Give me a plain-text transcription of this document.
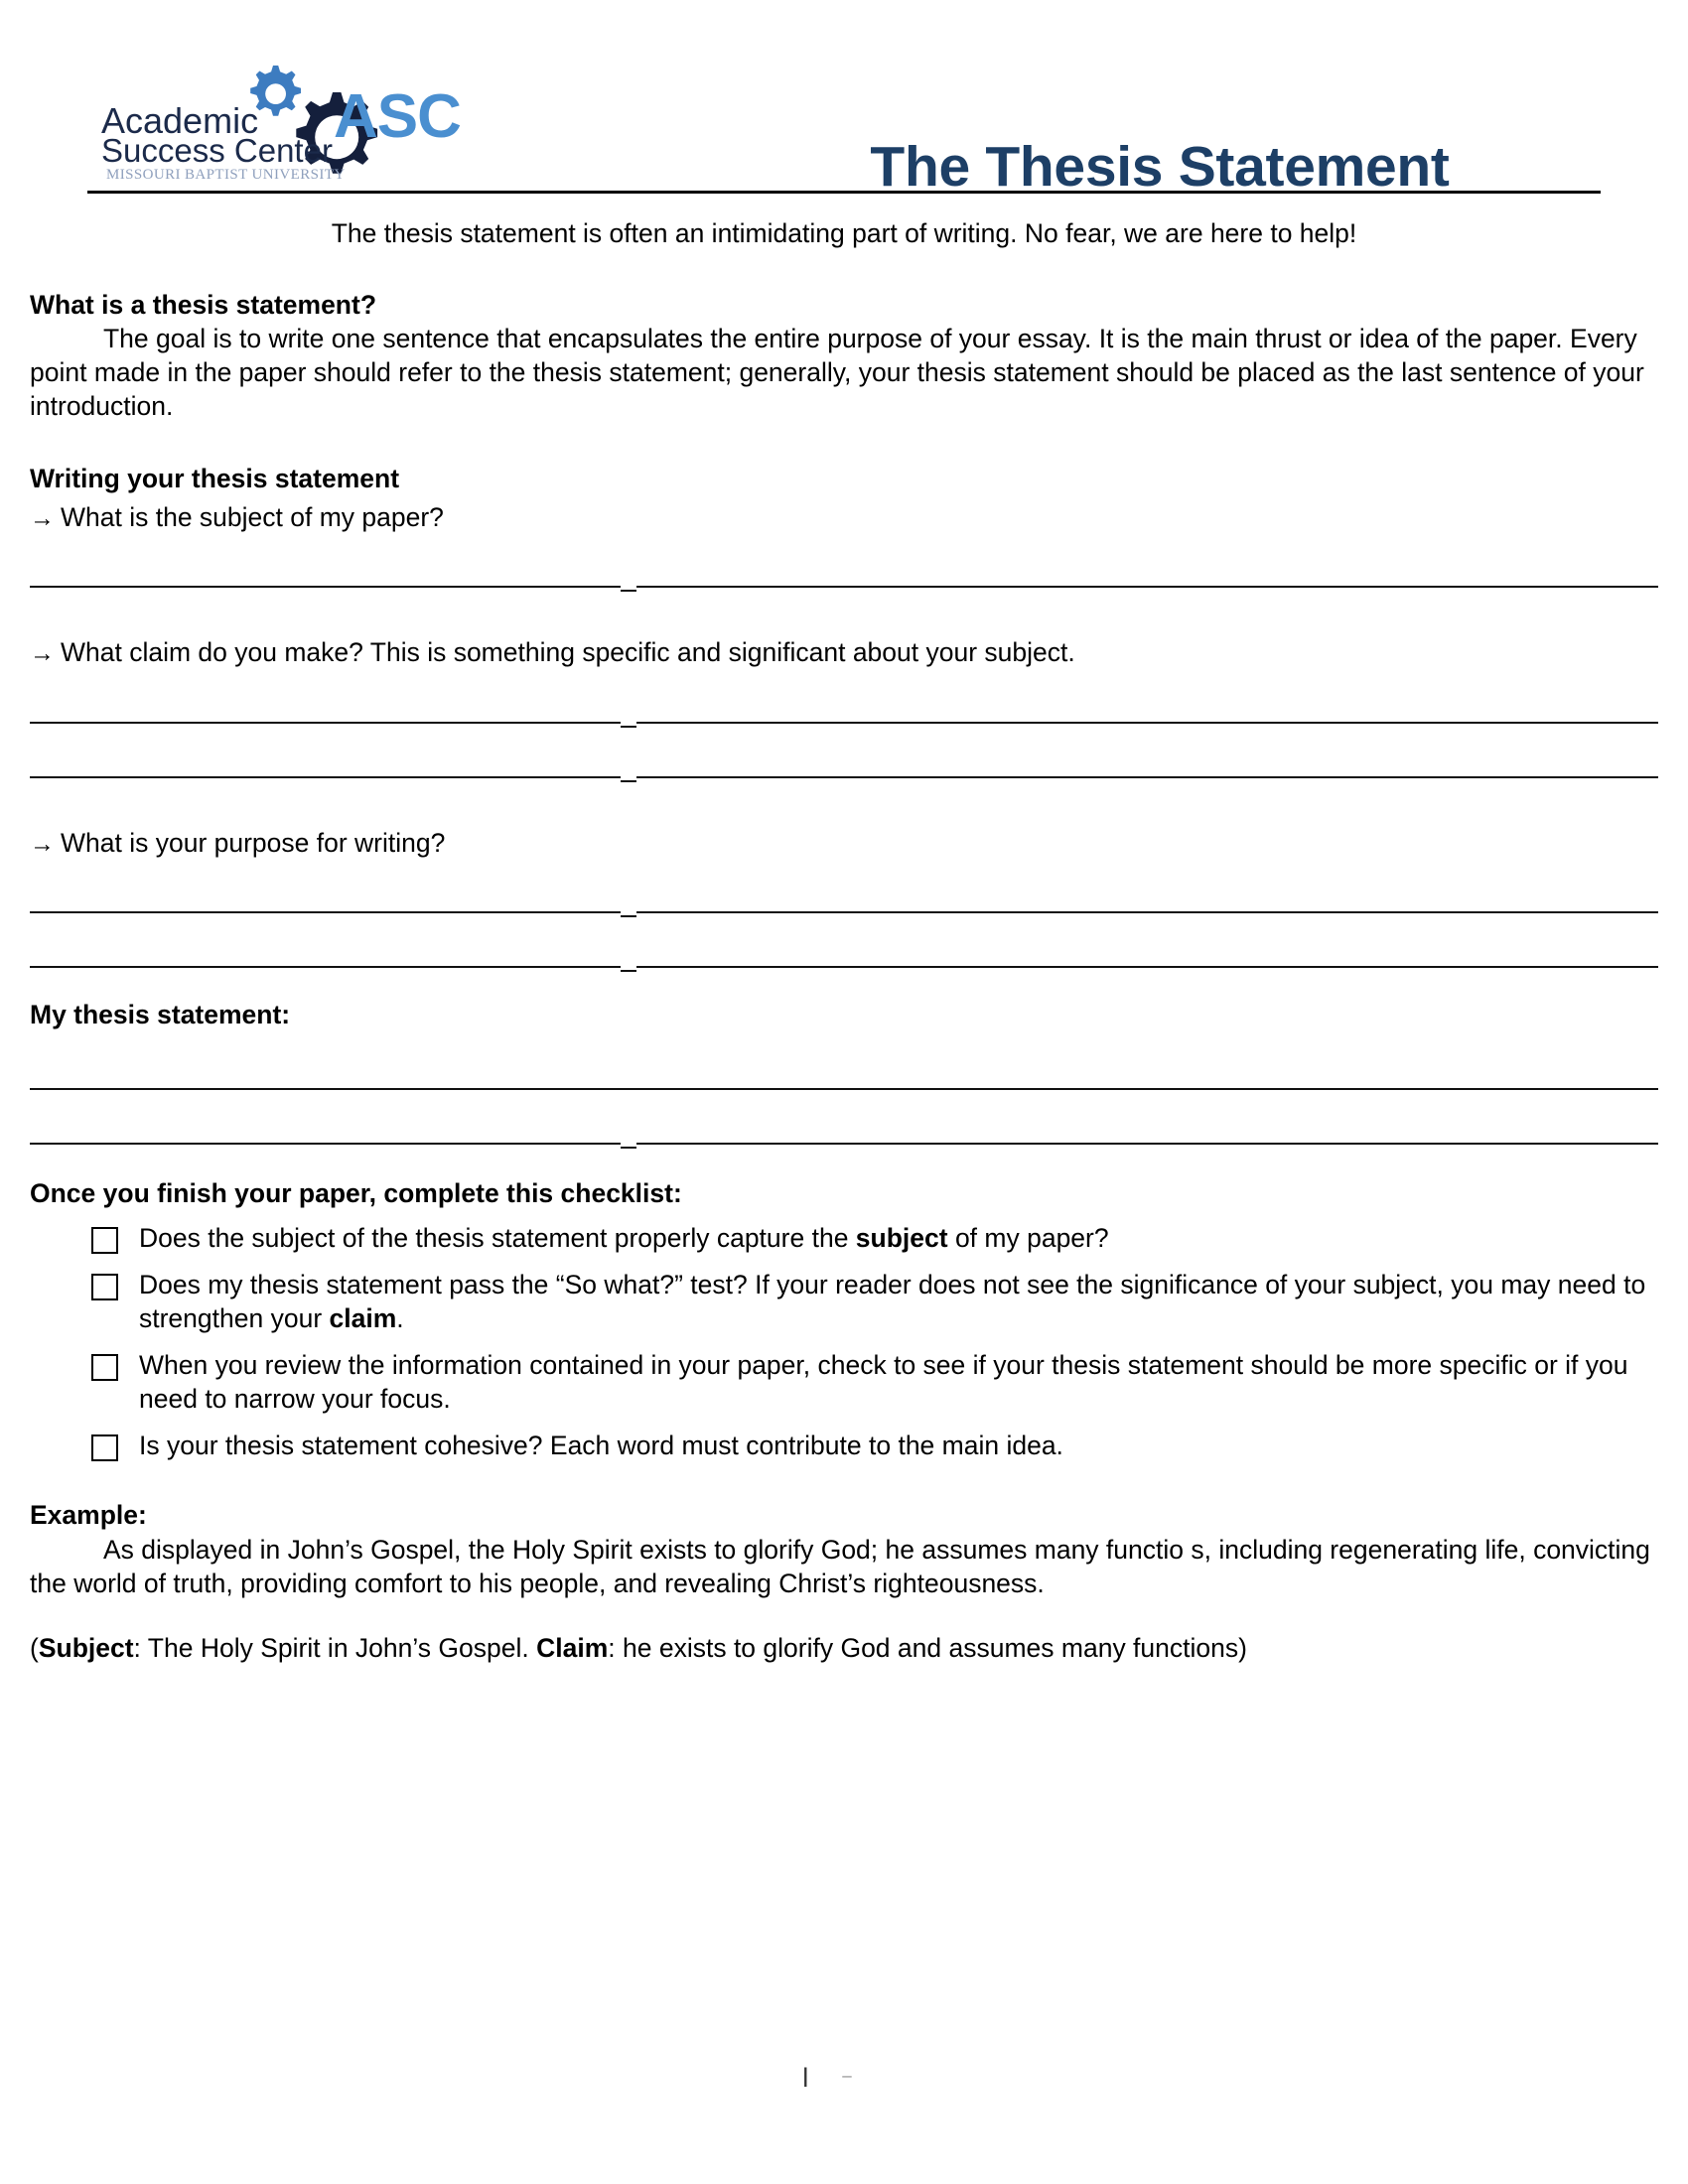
ASC
Academic
Success Center
MISSOURI BAPTIST UNIVERSITY	The Thesis Statement
The thesis statement is often an intimidating part of writing. No fear, we are here to help!
What is a thesis statement?
The goal is to write one sentence that encapsulates the entire purpose of your essay. It is the main thrust or idea of the paper. Every point made in the paper should refer to the thesis statement; generally, your thesis statement should be placed as the last sentence of your introduction.
Writing your thesis statement
→ What is the subject of my paper?
→ What claim do you make? This is something specific and significant about your subject.
→ What is your purpose for writing?
My thesis statement:
Once you finish your paper, complete this checklist:
Does the subject of the thesis statement properly capture the subject of my paper?
Does my thesis statement pass the “So what?” test? If your reader does not see the significance of your subject, you may need to strengthen your claim.
When you review the information contained in your paper, check to see if your thesis statement should be more specific or if you need to narrow your focus.
Is your thesis statement cohesive? Each word must contribute to the main idea.
Example:
As displayed in John’s Gospel, the Holy Spirit exists to glorify God; he assumes many functio s, including regenerating life, convicting the world of truth, providing comfort to his people, and revealing Christ’s righteousness.
(Subject: The Holy Spirit in John’s Gospel. Claim: he exists to glorify God and assumes many functions)
l–
